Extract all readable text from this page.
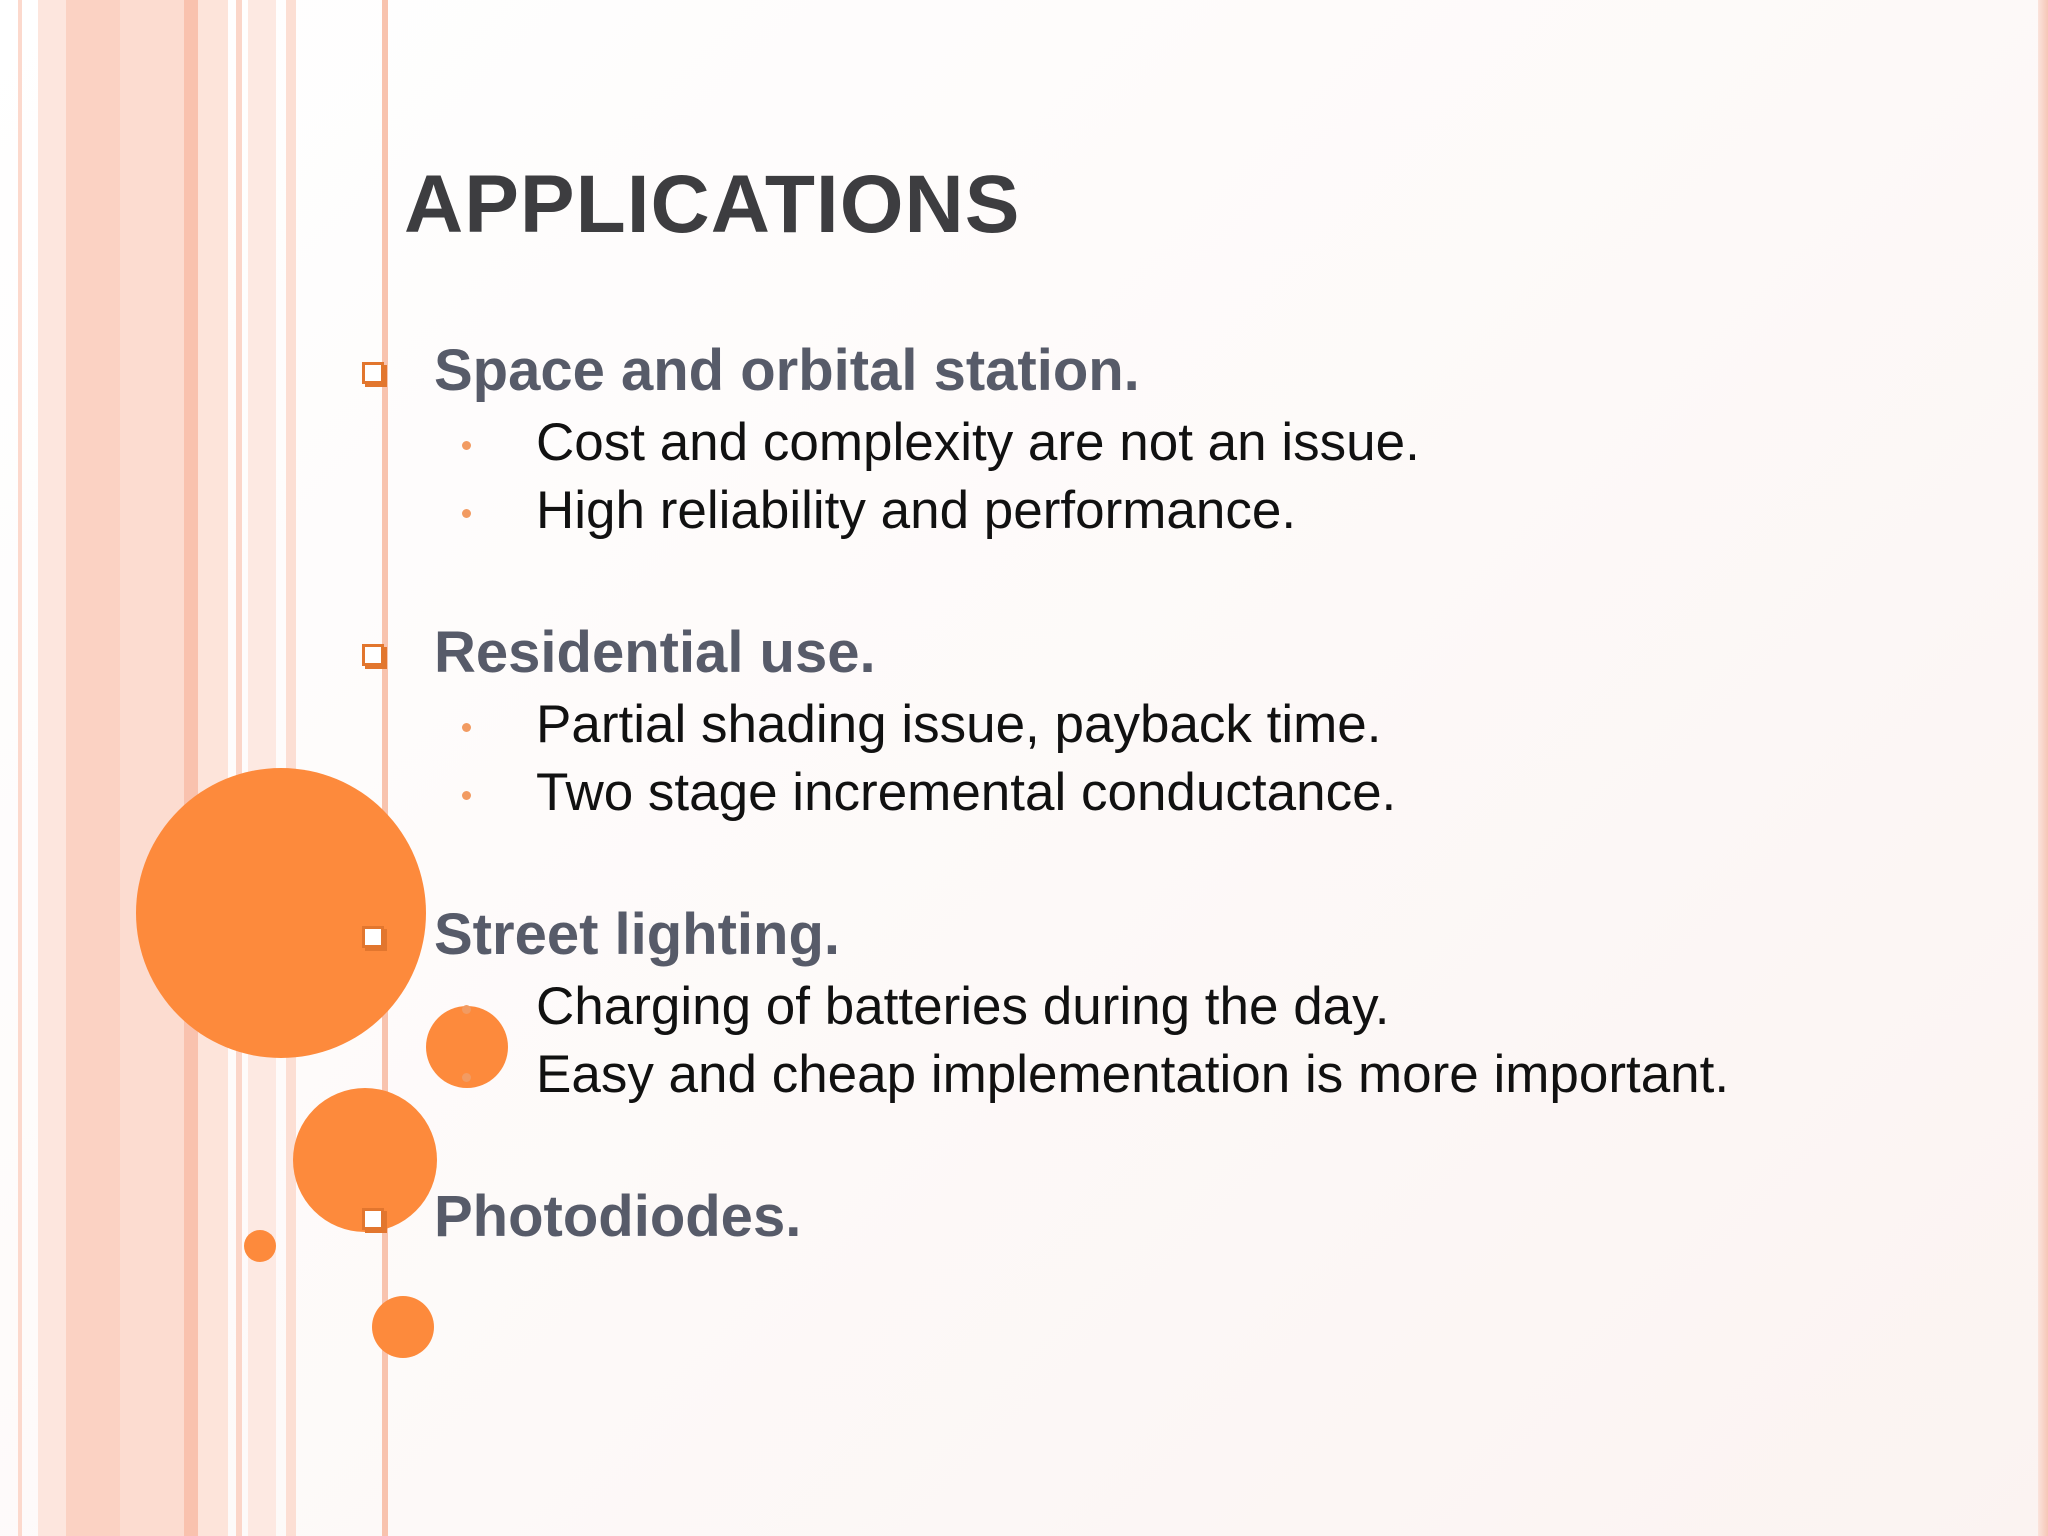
APPLICATIONS
Space and orbital station.
Cost and complexity are not an issue.
High reliability and performance.
Residential use.
Partial shading issue, payback time.
Two stage incremental conductance.
Street lighting.
Charging of batteries during the day.
Easy and cheap implementation is more important.
Photodiodes.
